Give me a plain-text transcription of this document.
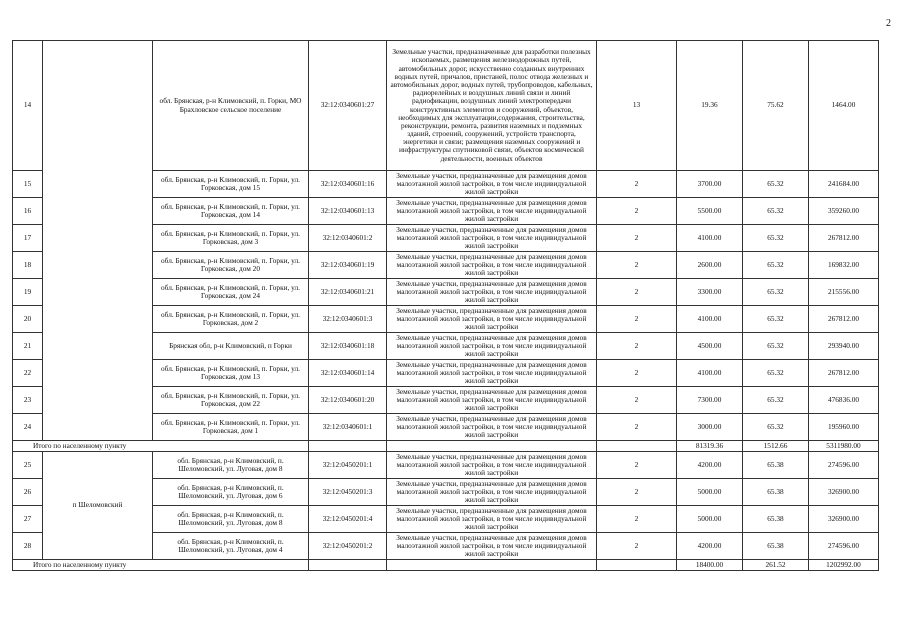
2
14		обл. Брянская, р-н Климовский, п. Горки, МО Брахловское сельское поселение	32:12:0340601:27	Земельные участки, предназначенные для разработки полезных ископаемых, размещения железнодорожных путей, автомобильных дорог, искусственно созданных внутренних водных путей, причалов, пристаней, полос отвода железных и автомобильных дорог, водных путей, трубопроводов, кабельных, радиорелейных и воздушных линий связи и линий радиофикации, воздушных линий электропередачи конструктивных элементов и сооружений, объектов, необходимых для эксплуатации,содержания, строительства, реконструкции, ремонта, развития наземных и подземных зданий, строений, сооружений, устройств транспорта, энергетики и связи; размещения наземных сооружений и инфраструктуры спутниковой связи, объектов космической деятельности, военных объектов	13	19.36	75.62	1464.00
15		обл. Брянская, р-н Климовский, п. Горки, ул. Горковская, дом 15	32:12:0340601:16	Земельные участки, предназначенные для размещения домов малоэтажной жилой застройки, в том числе индивидуальной жилой застройки	2	3700.00	65.32	241684.00
16		обл. Брянская, р-н Климовский, п. Горки, ул. Горковская, дом 14	32:12:0340601:13	Земельные участки, предназначенные для размещения домов малоэтажной жилой застройки, в том числе индивидуальной жилой застройки	2	5500.00	65.32	359260.00
17		обл. Брянская, р-н Климовский, п. Горки, ул. Горковская, дом 3	32:12:0340601:2	Земельные участки, предназначенные для размещения домов малоэтажной жилой застройки, в том числе индивидуальной жилой застройки	2	4100.00	65.32	267812.00
18		обл. Брянская, р-н Климовский, п. Горки, ул. Горковская, дом 20	32:12:0340601:19	Земельные участки, предназначенные для размещения домов малоэтажной жилой застройки, в том числе индивидуальной жилой застройки	2	2600.00	65.32	169832.00
19		обл. Брянская, р-н Климовский, п. Горки, ул. Горковская, дом 24	32:12:0340601:21	Земельные участки, предназначенные для размещения домов малоэтажной жилой застройки, в том числе индивидуальной жилой застройки	2	3300.00	65.32	215556.00
20		обл. Брянская, р-н Климовский, п. Горки, ул. Горковская, дом 2	32:12:0340601:3	Земельные участки, предназначенные для размещения домов малоэтажной жилой застройки, в том числе индивидуальной жилой застройки	2	4100.00	65.32	267812.00
21		Брянская обл, р-н Климовский, п Горки	32:12:0340601:18	Земельные участки, предназначенные для размещения домов малоэтажной жилой застройки, в том числе индивидуальной жилой застройки	2	4500.00	65.32	293940.00
22		обл. Брянская, р-н Климовский, п. Горки, ул. Горковская, дом 13	32:12:0340601:14	Земельные участки, предназначенные для размещения домов малоэтажной жилой застройки, в том числе индивидуальной жилой застройки	2	4100.00	65.32	267812.00
23		обл. Брянская, р-н Климовский, п. Горки, ул. Горковская, дом 22	32:12:0340601:20	Земельные участки, предназначенные для размещения домов малоэтажной жилой застройки, в том числе индивидуальной жилой застройки	2	7300.00	65.32	476836.00
24		обл. Брянская, р-н Климовский, п. Горки, ул. Горковская, дом 1	32:12:0340601:1	Земельные участки, предназначенные для размещения домов малоэтажной жилой застройки, в том числе индивидуальной жилой застройки	2	3000.00	65.32	195960.00
Итого по населенному пункту						81319.36	1512.66	5311980.00
25	п Шеломовский	обл. Брянская, р-н Климовский, п. Шеломовский, ул. Луговая, дом 8	32:12:0450201:1	Земельные участки, предназначенные для размещения домов малоэтажной жилой застройки, в том числе индивидуальной жилой застройки	2	4200.00	65.38	274596.00
26		обл. Брянская, р-н Климовский, п. Шеломовский, ул. Луговая, дом 6	32:12:0450201:3	Земельные участки, предназначенные для размещения домов малоэтажной жилой застройки, в том числе индивидуальной жилой застройки	2	5000.00	65.38	326900.00
27		обл. Брянская, р-н Климовский, п. Шеломовский, ул. Луговая, дом 8	32:12:0450201:4	Земельные участки, предназначенные для размещения домов малоэтажной жилой застройки, в том числе индивидуальной жилой застройки	2	5000.00	65.38	326900.00
28		обл. Брянская, р-н Климовский, п. Шеломовский, ул. Луговая, дом 4	32:12:0450201:2	Земельные участки, предназначенные для размещения домов малоэтажной жилой застройки, в том числе индивидуальной жилой застройки	2	4200.00	65.38	274596.00
Итого по населенному пункту						18400.00	261.52	1202992.00
